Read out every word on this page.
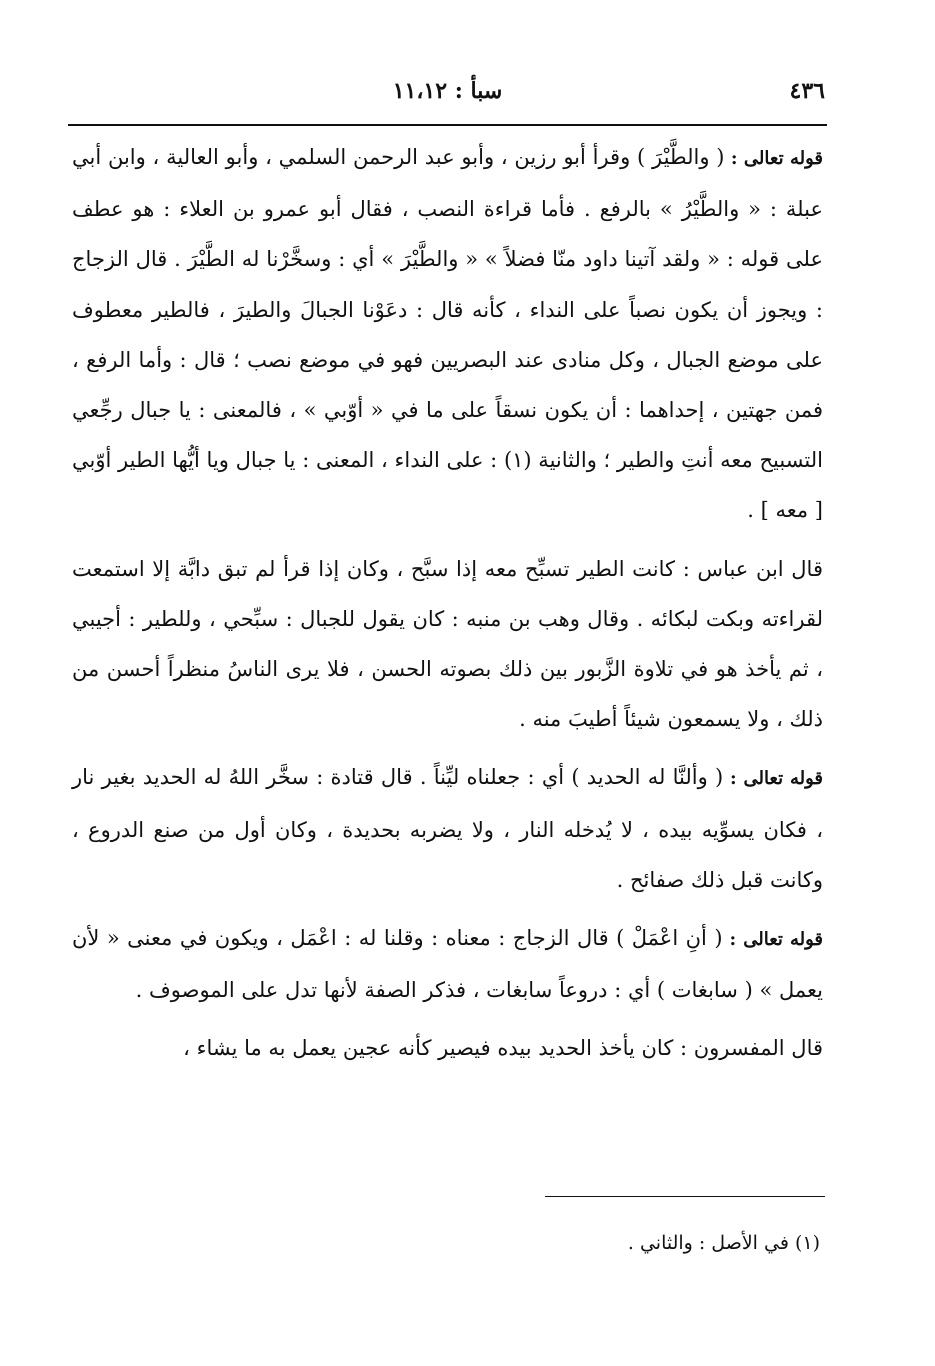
٤٣٦
سبأ : ١١،١٢

قوله تعالى : ( والطَّيْرَ ) وقرأ أبو رزين ، وأبو عبد الرحمن السلمي ، وأبو العالية ، وابن أبي عبلة : « والطَّيْرُ » بالرفع . فأما قراءة النصب ، فقال أبو عمرو بن العلاء : هو عطف على قوله : « ولقد آتينا داود منّا فضلاً » « والطَّيْرَ » أي : وسخَّرْنا له الطَّيْرَ . قال الزجاج : ويجوز أن يكون نصباً على النداء ، كأنه قال : دعَوْنا الجبالَ والطيرَ ، فالطير معطوف على موضع الجبال ، وكل منادى عند البصريين فهو في موضع نصب ؛ قال : وأما الرفع ، فمن جهتين ، إحداهما : أن يكون نسقاً على ما في « أوّبي » ، فالمعنى : يا جبال رجِّعي التسبيح معه أنتِ والطير ؛ والثانية (١) : على النداء ، المعنى : يا جبال ويا أيُّها الطير أوّبي [ معه ] .

قال ابن عباس : كانت الطير تسبِّح معه إذا سبَّح ، وكان إذا قرأ لم تبق دابَّة إلا استمعت لقراءته وبكت لبكائه . وقال وهب بن منبه : كان يقول للجبال : سبِّحي ، وللطير : أجيبي ، ثم يأخذ هو في تلاوة الزَّبور بين ذلك بصوته الحسن ، فلا يرى الناسُ منظراً أحسن من ذلك ، ولا يسمعون شيئاً أطيبَ منه .

قوله تعالى : ( وألنَّا له الحديد ) أي : جعلناه ليِّناً . قال قتادة : سخَّر اللهُ له الحديد بغير نار ، فكان يسوِّيه بيده ، لا يُدخله النار ، ولا يضربه بحديدة ، وكان أول من صنع الدروع ، وكانت قبل ذلك صفائح .

قوله تعالى : ( أنِ اعْمَلْ ) قال الزجاج : معناه : وقلنا له : اعْمَل ، ويكون في معنى « لأن يعمل » ( سابغات ) أي : دروعاً سابغات ، فذكر الصفة لأنها تدل على الموصوف .

قال المفسرون : كان يأخذ الحديد بيده فيصير كأنه عجين يعمل به ما يشاء ،

(١) في الأصل : والثاني .
